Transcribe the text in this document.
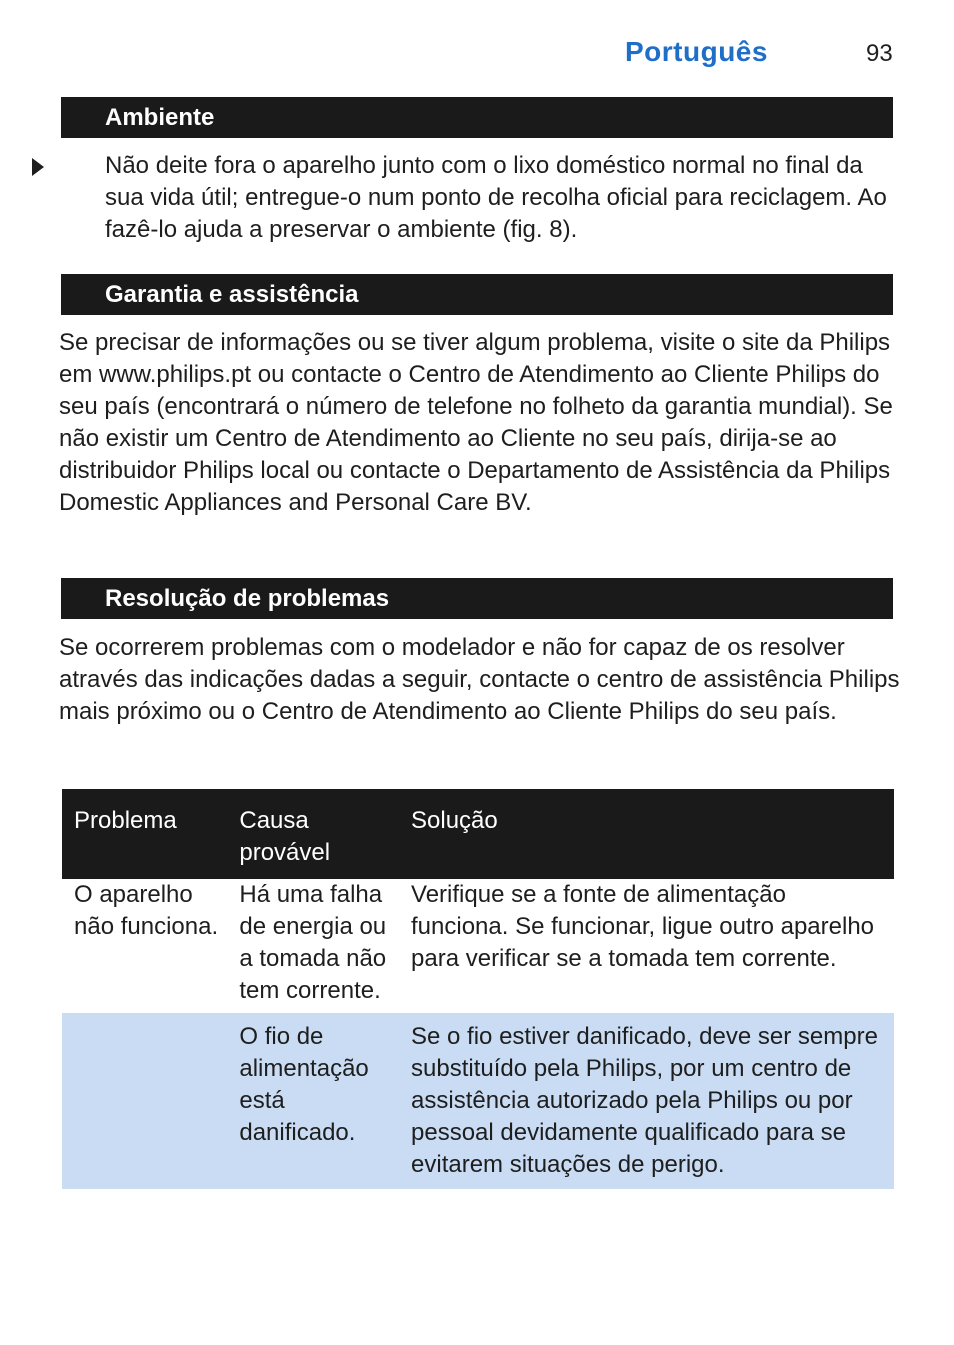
Português	93
Ambiente

Não deite fora o aparelho junto com o lixo doméstico normal no final da sua vida útil; entregue-o num ponto de recolha oficial para reciclagem. Ao fazê-lo ajuda a preservar o ambiente (fig. 8).

Garantia e assistência

Se precisar de informações ou se tiver algum problema, visite o site da Philips em www.philips.pt ou contacte o Centro de Atendimento ao Cliente Philips do seu país (encontrará o número de telefone no folheto da garantia mundial). Se não existir um Centro de Atendimento ao Cliente no seu país, dirija-se ao distribuidor Philips local ou contacte o Departamento de Assistência da Philips Domestic Appliances and Personal Care BV.

Resolução de problemas

Se ocorrerem problemas com o modelador e não for capaz de os resolver através das indicações dadas a seguir, contacte o centro de assistência Philips mais próximo ou o Centro de Atendimento ao Cliente Philips do seu país.

Problema	Causa provável	Solução
O aparelho não funciona.	Há uma falha de energia ou a tomada não tem corrente.	Verifique se a fonte de alimentação funciona. Se funcionar, ligue outro aparelho para verificar se a tomada tem corrente.
	O fio de alimentação está danificado.	Se o fio estiver danificado, deve ser sempre substituído pela Philips, por um centro de assistência autorizado pela Philips ou por pessoal devidamente qualificado para se evitarem situações de perigo.
